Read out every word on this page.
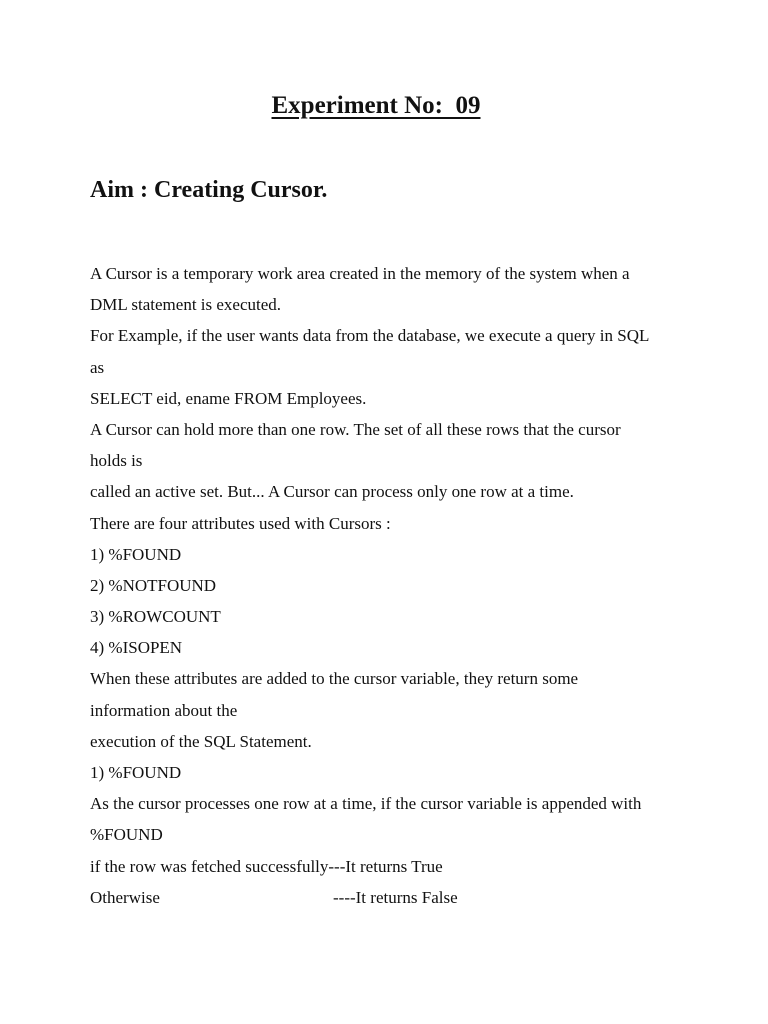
Experiment No:  09
Aim : Creating Cursor.
A Cursor is a temporary work area created in the memory of the system when a
DML statement is executed.
For Example, if the user wants data from the database, we execute a query in SQL
as
SELECT eid, ename FROM Employees.
A Cursor can hold more than one row. The set of all these rows that the cursor
holds is
called an active set. But... A Cursor can process only one row at a time.
There are four attributes used with Cursors :
1) %FOUND
2) %NOTFOUND
3) %ROWCOUNT
4) %ISOPEN
When these attributes are added to the cursor variable, they return some
information about the
execution of the SQL Statement.
1) %FOUND
As the cursor processes one row at a time, if the cursor variable is appended with
%FOUND
if the row was fetched successfully---It returns True
Otherwise	----It returns False
